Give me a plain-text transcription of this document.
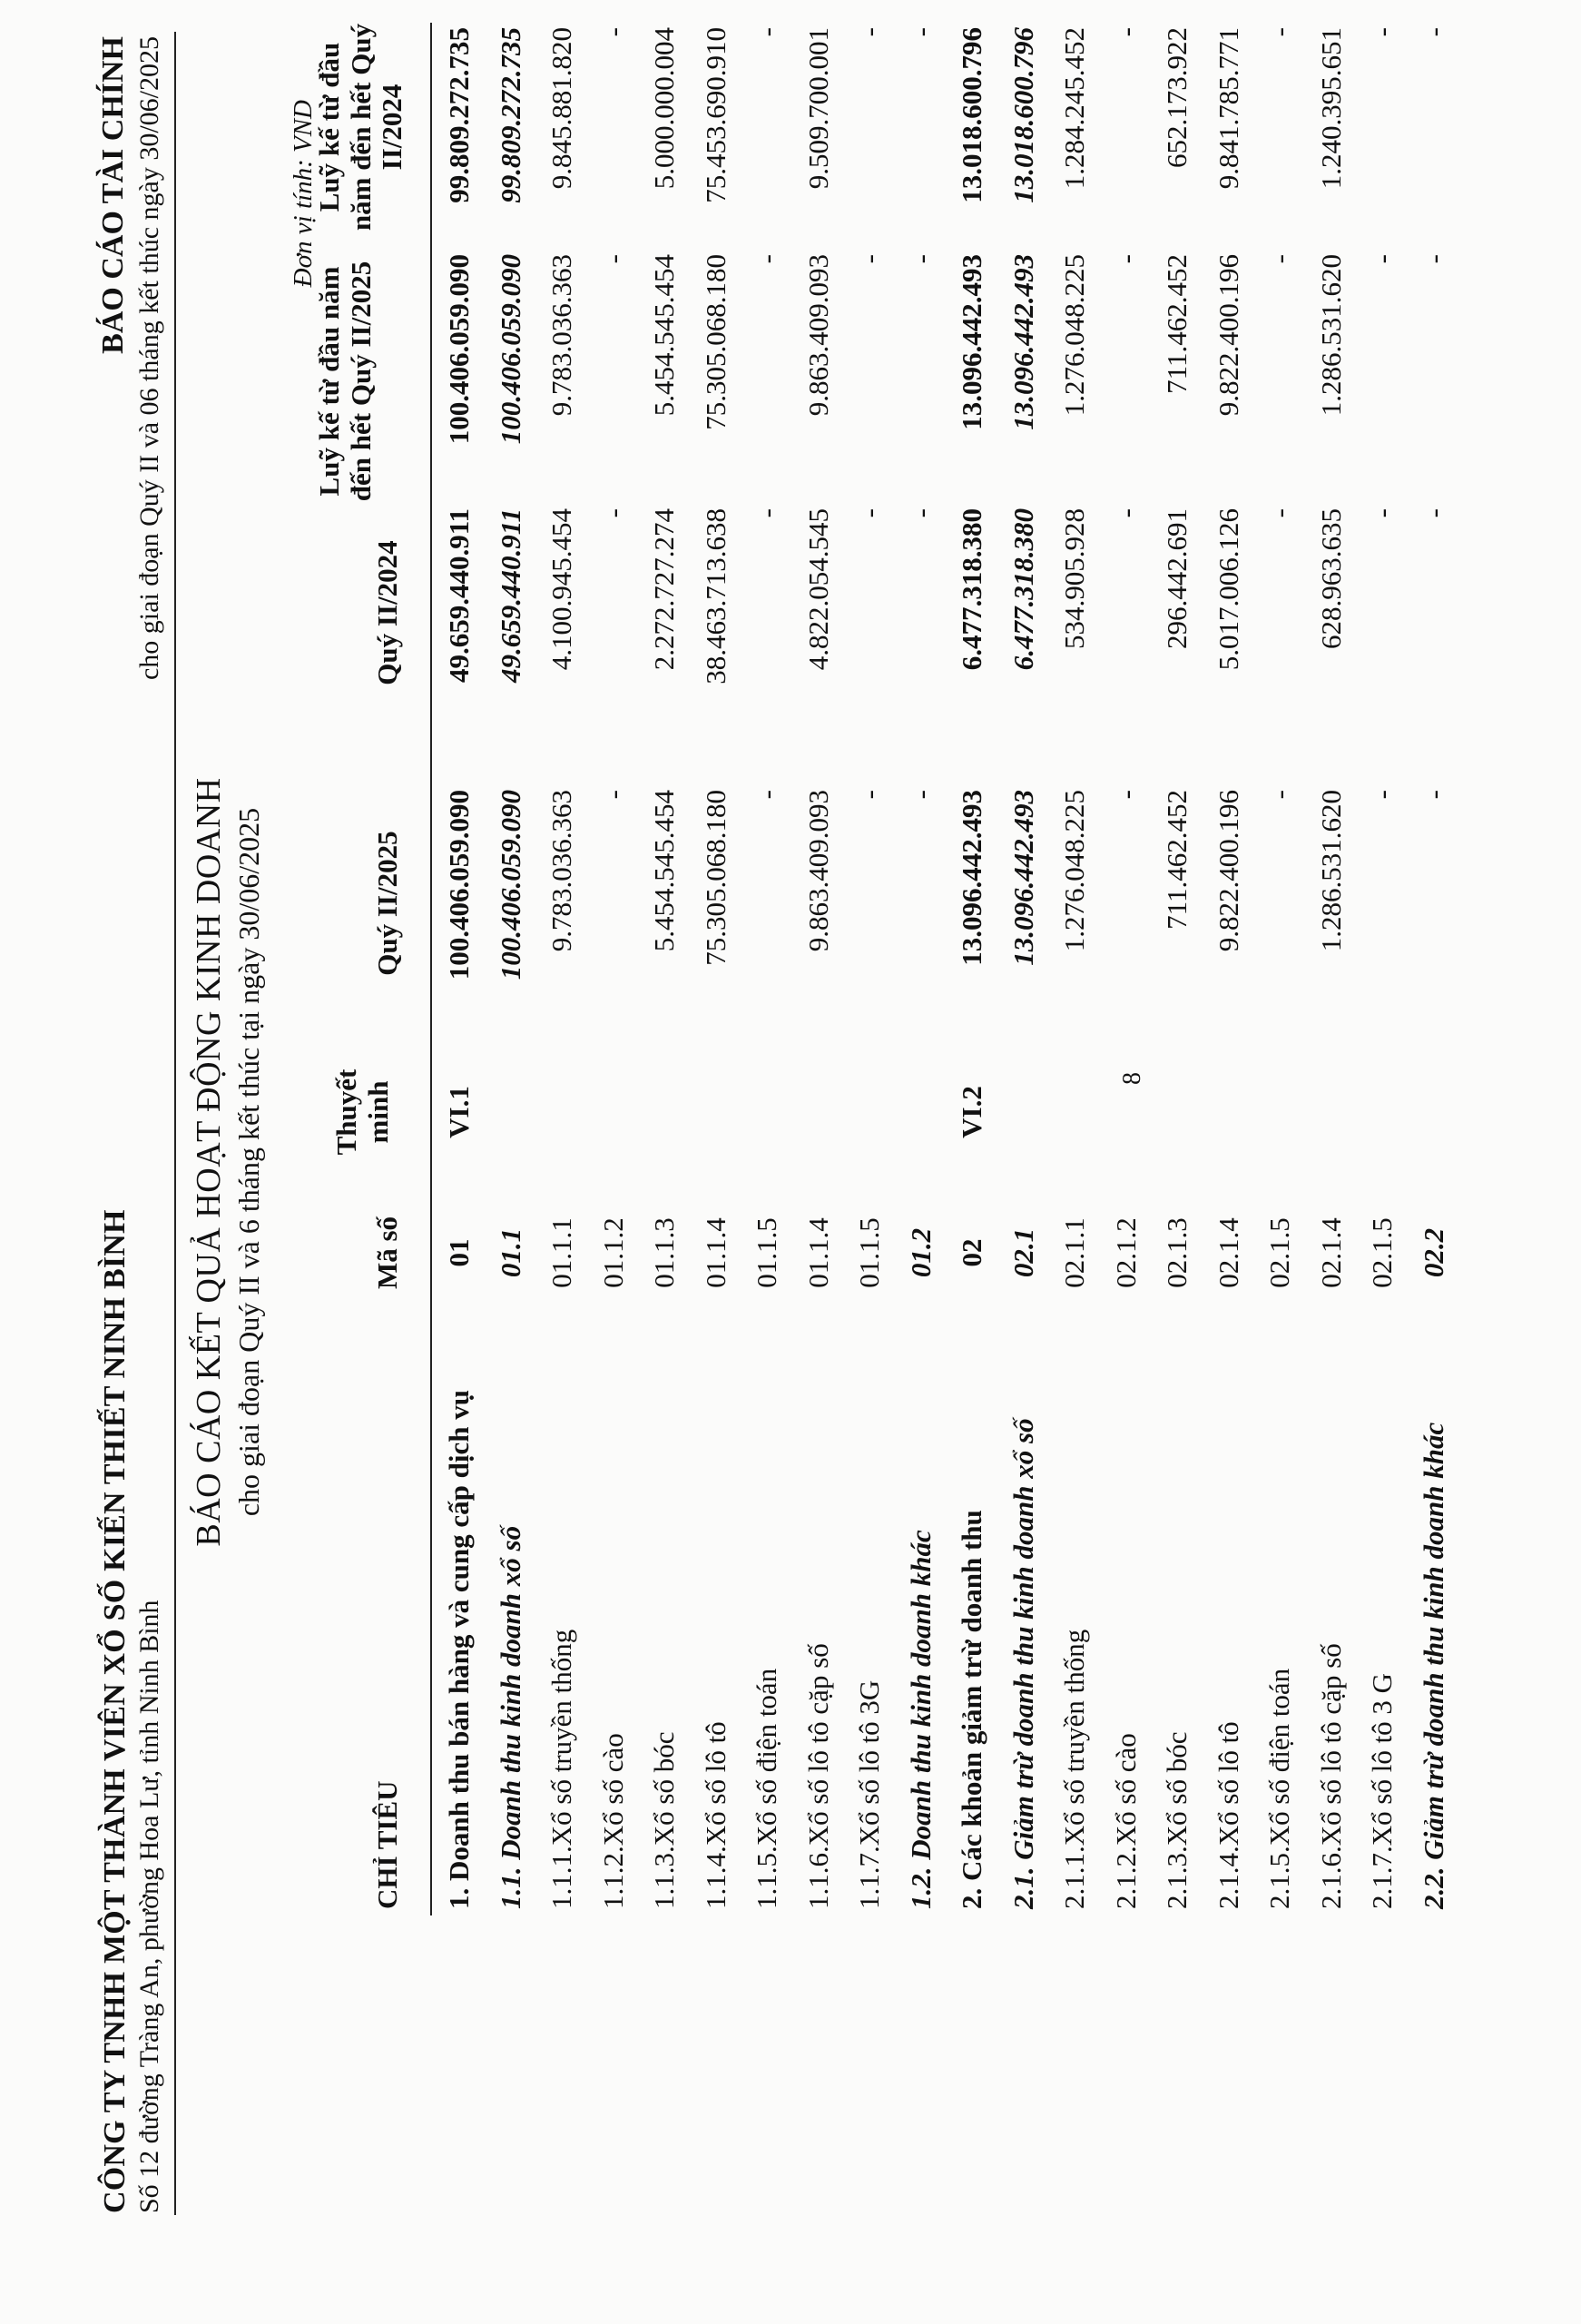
CÔNG TY TNHH MỘT THÀNH VIÊN XỔ SỐ KIẾN THIẾT NINH BÌNH Số 12 đường Tràng An, phường Hoa Lư, tỉnh Ninh Bình
BÁO CÁO TÀI CHÍNH cho giai đoạn Quý II và 06 tháng kết thúc ngày 30/06/2025
BÁO CÁO KẾT QUẢ HOẠT ĐỘNG KINH DOANH cho giai đoạn Quý II và 6 tháng kết thúc tại ngày 30/06/2025
Đơn vị tính: VND
CHỈ TIÊU
Mã số
Thuyết minh
Quý II/2025
Quý II/2024
Luỹ kế từ đầu năm đến hết Quý II/2025
Luỹ kế từ đầu năm đến hết Quý II/2024
1. Doanh thu bán hàng và cung cấp dịch vụ
01
VI.1
100.406.059.090
49.659.440.911
100.406.059.090
99.809.272.735
1.1. Doanh thu kinh doanh xổ số
01.1
100.406.059.090
49.659.440.911
100.406.059.090
99.809.272.735
1.1.1.Xổ số truyền thống
01.1.1
9.783.036.363
4.100.945.454
9.783.036.363
9.845.881.820
1.1.2.Xổ số cào
01.1.2
-
-
-
-
1.1.3.Xổ số bóc
01.1.3
5.454.545.454
2.272.727.274
5.454.545.454
5.000.000.004
1.1.4.Xổ số lô tô
01.1.4
75.305.068.180
38.463.713.638
75.305.068.180
75.453.690.910
1.1.5.Xổ số điện toán
01.1.5
-
-
-
-
1.1.6.Xổ số lô tô cặp số
01.1.4
9.863.409.093
4.822.054.545
9.863.409.093
9.509.700.001
1.1.7.Xổ số lô tô 3G
01.1.5
-
-
-
-
1.2. Doanh thu kinh doanh khác
01.2
-
-
-
-
2. Các khoản giảm trừ doanh thu
02
VI.2
13.096.442.493
6.477.318.380
13.096.442.493
13.018.600.796
2.1. Giảm trừ doanh thu kinh doanh xổ số
02.1
13.096.442.493
6.477.318.380
13.096.442.493
13.018.600.796
2.1.1.Xổ số truyền thống
02.1.1
1.276.048.225
534.905.928
1.276.048.225
1.284.245.452
2.1.2.Xổ số cào
02.1.2
-
-
-
-
2.1.3.Xổ số bóc
02.1.3
711.462.452
296.442.691
711.462.452
652.173.922
2.1.4.Xổ số lô tô
02.1.4
9.822.400.196
5.017.006.126
9.822.400.196
9.841.785.771
2.1.5.Xổ số điện toán
02.1.5
-
-
-
-
2.1.6.Xổ số lô tô cặp số
02.1.4
1.286.531.620
628.963.635
1.286.531.620
1.240.395.651
2.1.7.Xổ số lô tô 3 G
02.1.5
-
-
-
-
2.2. Giảm trừ doanh thu kinh doanh khác
02.2
-
-
-
-
8
